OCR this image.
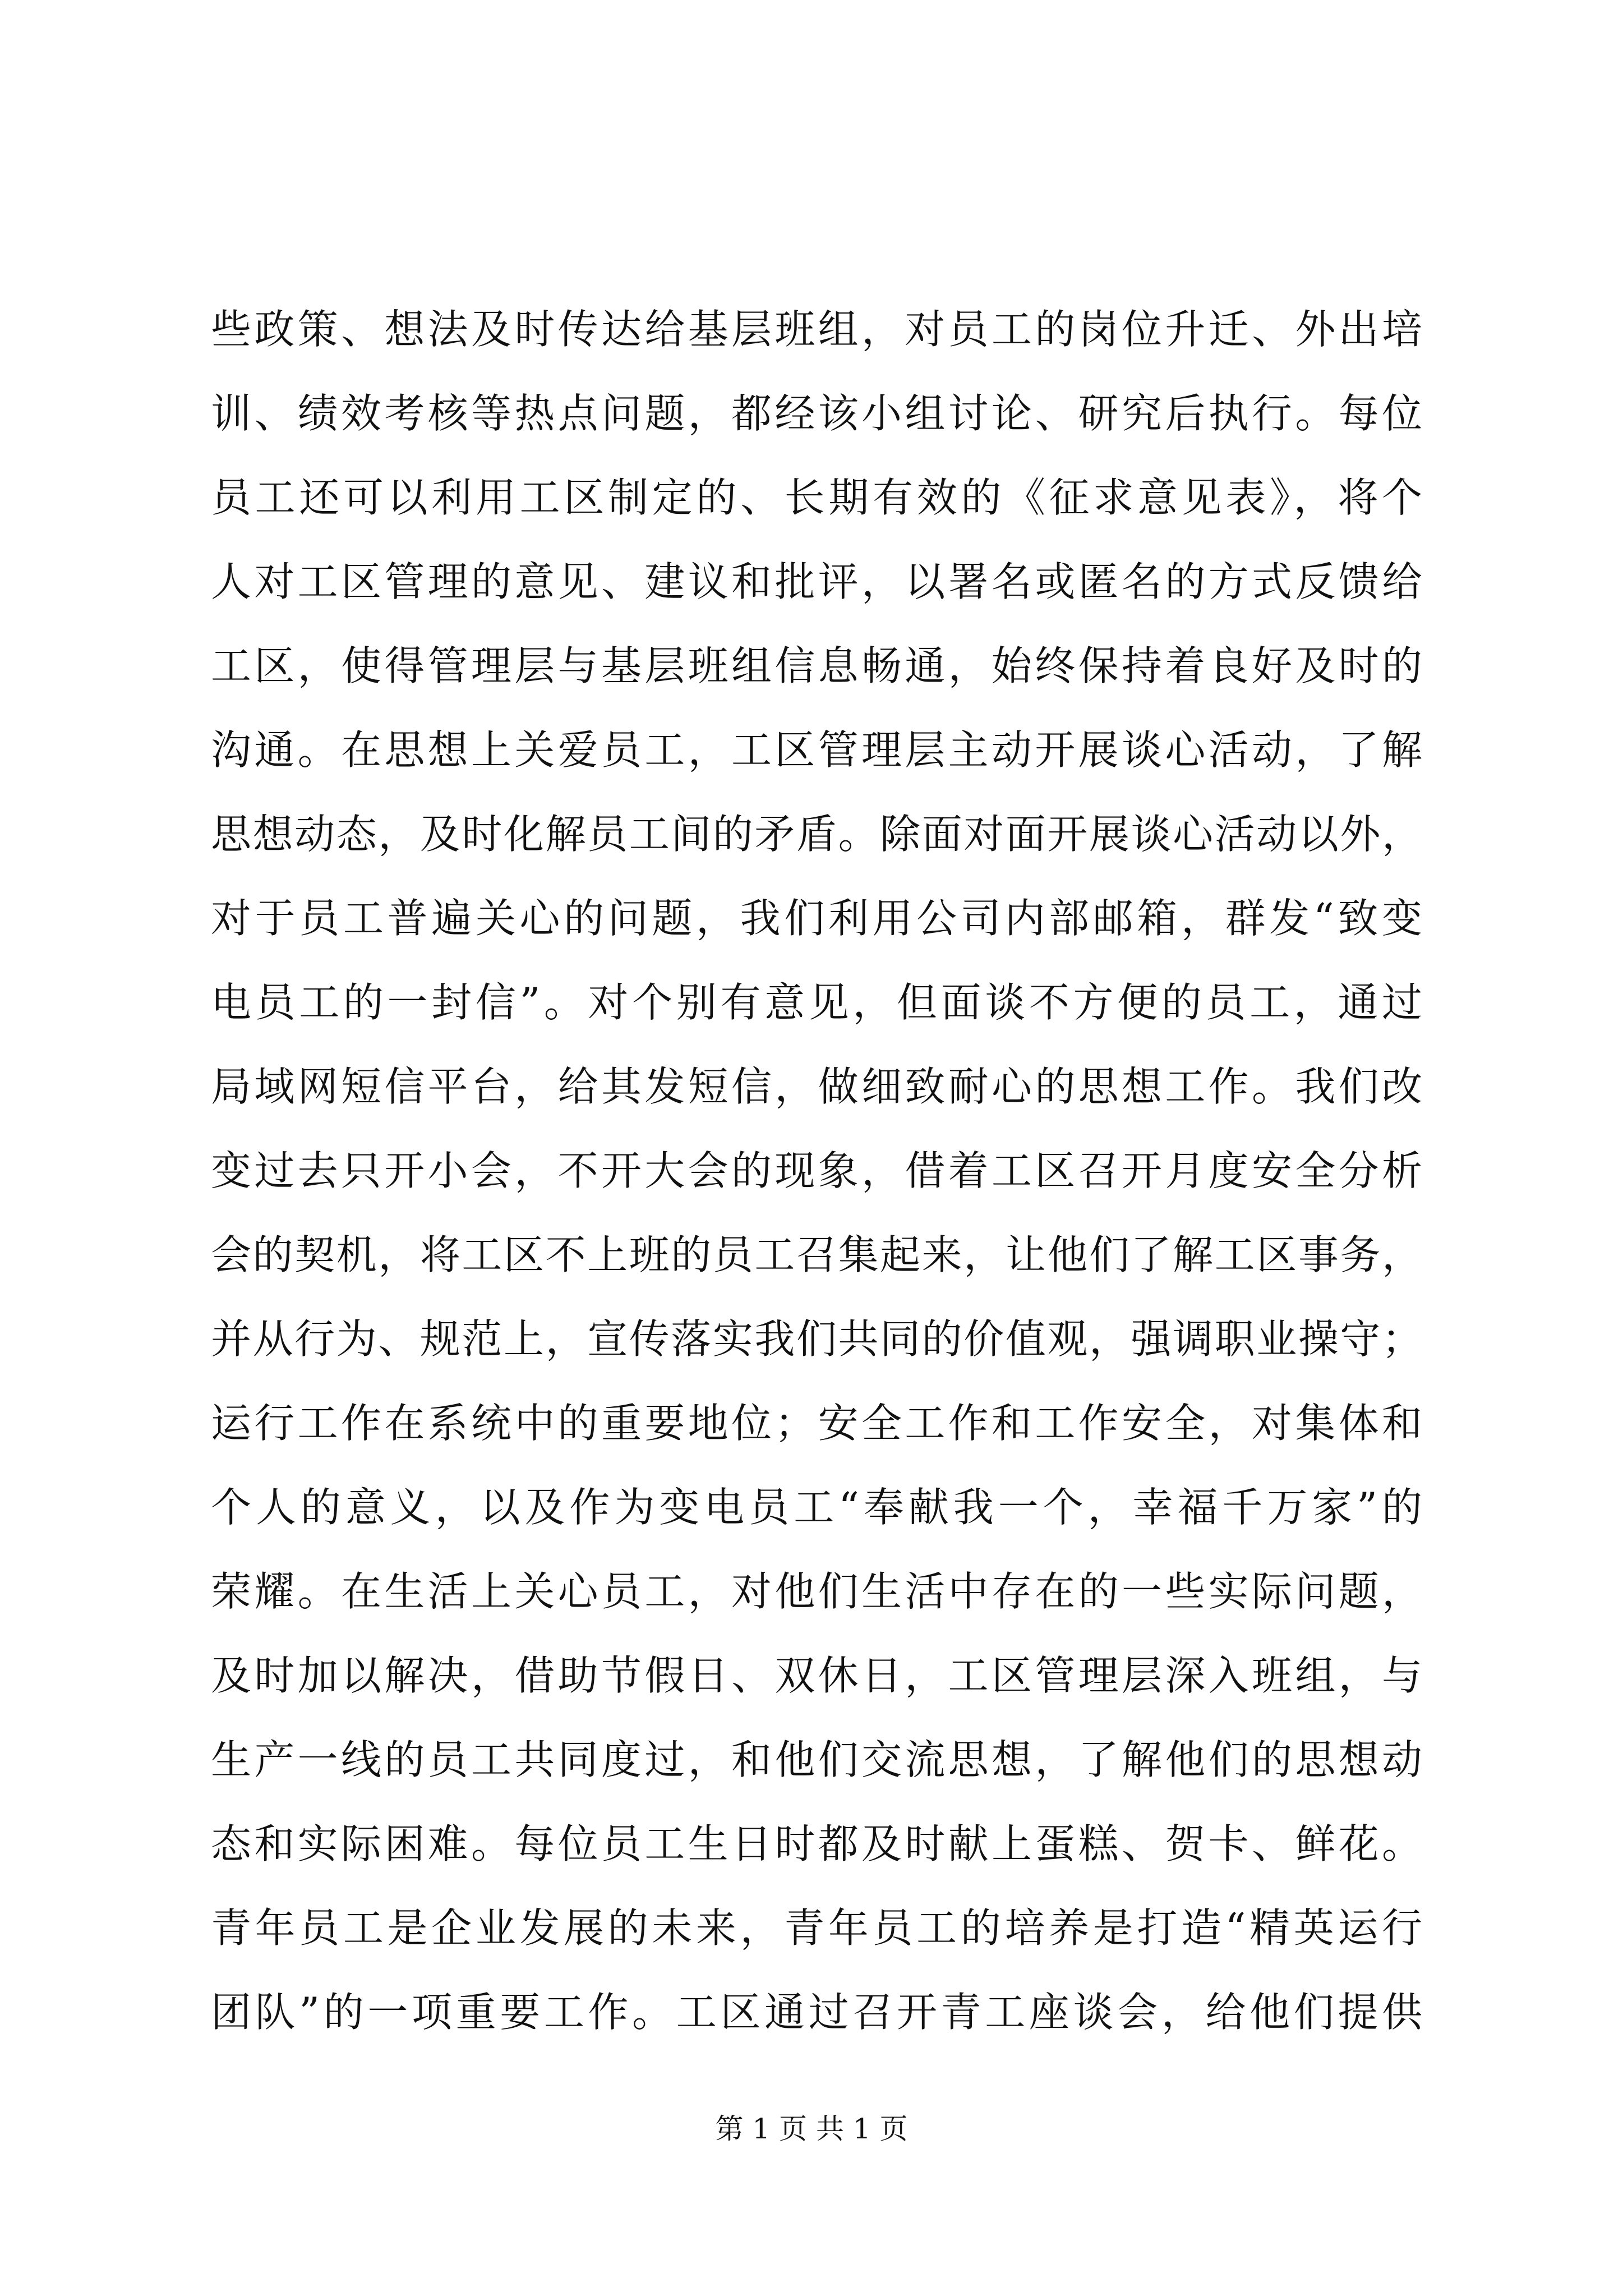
些政策、想法及时传达给基层班组，对员工的岗位升迁、外出培
训、绩效考核等热点问题，都经该小组讨论、研究后执行。每位
员工还可以利用工区制定的、长期有效的《征求意见表》，将个
人对工区管理的意见、建议和批评，以署名或匿名的方式反馈给
工区，使得管理层与基层班组信息畅通，始终保持着良好及时的
沟通。在思想上关爱员工，工区管理层主动开展谈心活动，了解
思想动态，及时化解员工间的矛盾。除面对面开展谈心活动以外，
对于员工普遍关心的问题，我们利用公司内部邮箱，群发“致变
电员工的一封信”。对个别有意见，但面谈不方便的员工，通过
局域网短信平台，给其发短信，做细致耐心的思想工作。我们改
变过去只开小会，不开大会的现象，借着工区召开月度安全分析
会的契机，将工区不上班的员工召集起来，让他们了解工区事务，
并从行为、规范上，宣传落实我们共同的价值观，强调职业操守；
运行工作在系统中的重要地位；安全工作和工作安全，对集体和
个人的意义，以及作为变电员工“奉献我一个，幸福千万家”的
荣耀。在生活上关心员工，对他们生活中存在的一些实际问题，
及时加以解决，借助节假日、双休日，工区管理层深入班组，与
生产一线的员工共同度过，和他们交流思想，了解他们的思想动
态和实际困难。每位员工生日时都及时献上蛋糕、贺卡、鲜花。
青年员工是企业发展的未来，青年员工的培养是打造“精英运行
团队”的一项重要工作。工区通过召开青工座谈会，给他们提供
第 1 页 共 1 页
